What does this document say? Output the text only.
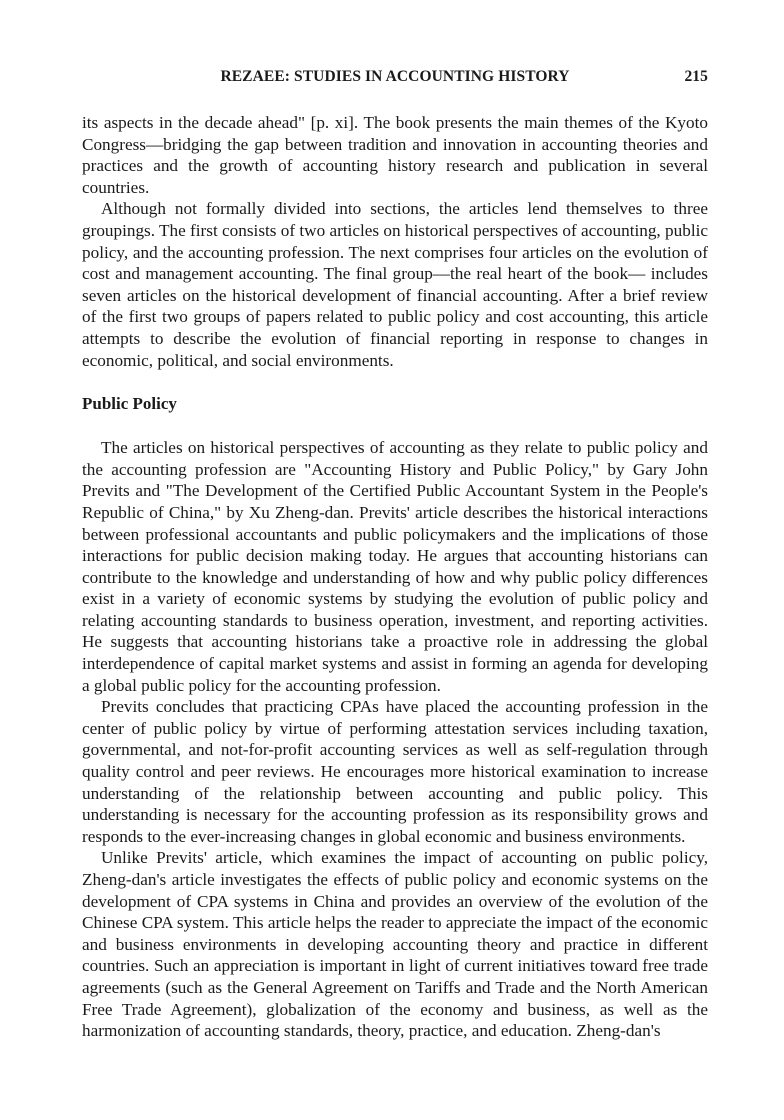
REZAEE: STUDIES IN ACCOUNTING HISTORY	215

its aspects in the decade ahead" [p. xi]. The book presents the main themes of the Kyoto Congress—bridging the gap between tradition and innovation in accounting theories and practices and the growth of accounting history research and publication in several countries.

Although not formally divided into sections, the articles lend themselves to three groupings. The first consists of two articles on historical perspectives of accounting, public policy, and the accounting profession. The next comprises four articles on the evolution of cost and management accounting. The final group—the real heart of the book— includes seven articles on the historical development of financial accounting. After a brief review of the first two groups of papers related to public policy and cost accounting, this article attempts to describe the evolution of financial reporting in response to changes in economic, political, and social environments.

Public Policy

The articles on historical perspectives of accounting as they relate to public policy and the accounting profession are "Accounting History and Public Policy," by Gary John Previts and "The Development of the Certified Public Accountant System in the People's Republic of China," by Xu Zheng-dan. Previts' article describes the historical interactions between professional accountants and public policymakers and the implications of those interactions for public decision making today. He argues that accounting historians can contribute to the knowledge and understanding of how and why public policy differences exist in a variety of economic systems by studying the evolution of public policy and relating accounting standards to business operation, investment, and reporting activities. He suggests that accounting historians take a proactive role in addressing the global interdependence of capital market systems and assist in forming an agenda for developing a global public policy for the accounting profession.

Previts concludes that practicing CPAs have placed the accounting profession in the center of public policy by virtue of performing attestation services including taxation, governmental, and not-for-profit accounting services as well as self-regulation through quality control and peer reviews. He encourages more historical examination to increase understanding of the relationship between accounting and public policy. This understanding is necessary for the accounting profession as its responsibility grows and responds to the ever-increasing changes in global economic and business environments.

Unlike Previts' article, which examines the impact of accounting on public policy, Zheng-dan's article investigates the effects of public policy and economic systems on the development of CPA systems in China and provides an overview of the evolution of the Chinese CPA system. This article helps the reader to appreciate the impact of the economic and business environments in developing accounting theory and practice in different countries. Such an appreciation is important in light of current initiatives toward free trade agreements (such as the General Agreement on Tariffs and Trade and the North American Free Trade Agreement), globalization of the economy and business, as well as the harmonization of accounting standards, theory, practice, and education. Zheng-dan's
